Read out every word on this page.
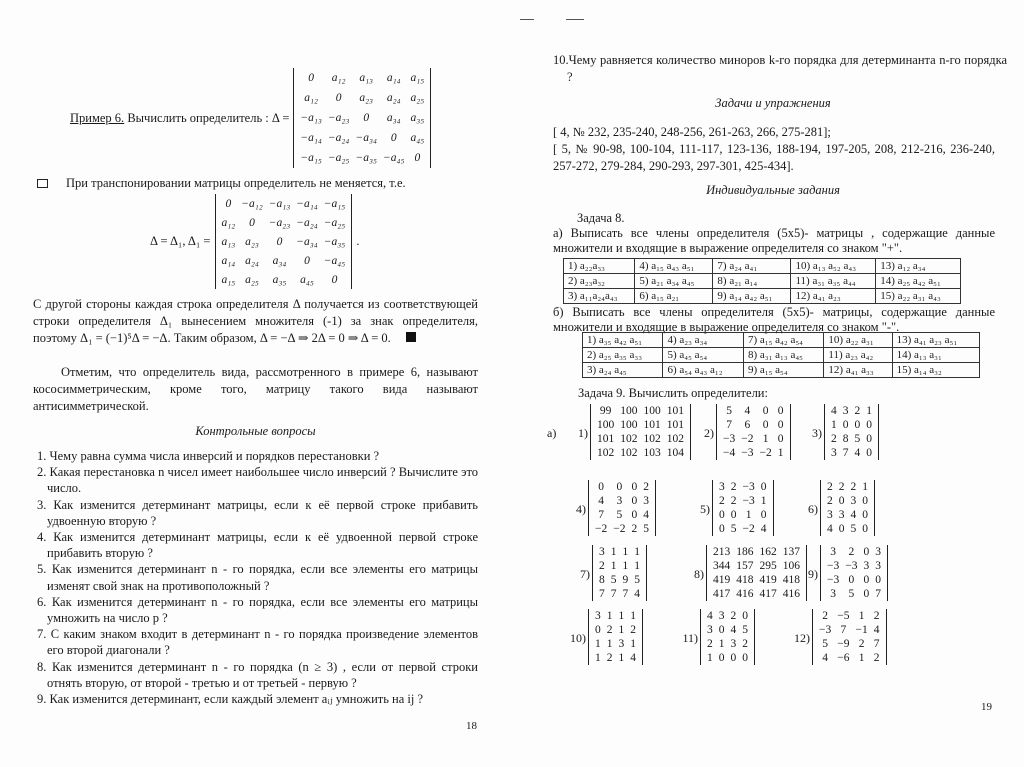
Пример 6. Вычислить определитель : Δ =
0	a₁₂	a₁₃	a₁₄	a₁₅
a₁₂	0	a₂₃	a₂₄	a₂₅
−a₁₃	−a₂₃	0	a₃₄	a₃₅
−a₁₄	−a₂₄	−a₃₄	0	a₄₅
−a₁₅	−a₂₅	−a₃₅	−a₄₅	0
При транспонировании матрицы определитель не меняется, т.е.
Δ = Δ₁, Δ₁ =
0	−a₁₂	−a₁₃	−a₁₄	−a₁₅
a₁₂	0	−a₂₃	−a₂₄	−a₂₅
a₁₃	a₂₃	0	−a₃₄	−a₃₅
a₁₄	a₂₄	a₃₄	0	−a₄₅
a₁₅	a₂₅	a₃₅	a₄₅	0
.
С другой стороны каждая строка определителя Δ получается из соответствующей строки определителя Δ₁ вынесением множителя (-1) за знак определителя, поэтому Δ₁ = (−1)⁵Δ = −Δ. Таким образом, Δ = −Δ ⇒ 2Δ = 0 ⇒ Δ = 0.
Отметим, что определитель вида, рассмотренного в примере 6, называют кососимметрическим, кроме того, матрицу такого вида называют антисимметрической.
Контрольные вопросы
1. Чему равна сумма числа инверсий и порядков перестановки ?
2. Какая перестановка n чисел имеет наибольшее число инверсий ? Вычислите это число.
3. Как изменится детерминант матрицы, если к её первой строке прибавить удвоенную вторую ?
4. Как изменится детерминант матрицы, если к её удвоенной первой строке прибавить вторую ?
5. Как изменится детерминант n - го порядка, если все элементы его матрицы изменят свой знак на противоположный ?
6. Как изменится детерминант n - го порядка, если все элементы его матрицы умножить на число p ?
7. С каким знаком входит в детерминант n - го порядка произведение элементов его второй диагонали ?
8. Как изменится детерминант n - го порядка (n ≥ 3) , если от первой строки отнять вторую, от второй - третью и от третьей - первую ?
9. Как изменится детерминант, если каждый элемент aᵢⱼ умножить на ij ?
18
10.Чему равняется количество миноров k-го порядка для детерминанта n-го порядка ?
Задачи и упражнения
[ 4, № 232, 235-240, 248-256, 261-263, 266, 275-281];
[ 5, № 90-98, 100-104, 111-117, 123-136, 188-194, 197-205, 208, 212-216, 236-240, 257-272, 279-284, 290-293, 297-301, 425-434].
Индивидуальные задания
Задача 8.
а) Выписать все члены определителя (5х5)- матрицы , содержащие данные множители и входящие в выражение определителя со знаком "+".
1) a₂₂a₃₃	4) a₁₅ a₄₃ a₅₁	7) a₂₄ a₄₁	10) a₁₃ a₅₂ a₄₃	13) a₁₂ a₃₄
2) a₂₃a₃₂	5) a₂₁ a₃₄ a₄₅	8) a₂₁ a₁₄	11) a₃₁ a₃₅ a₄₄	14) a₂₅ a₄₂ a₅₁
3) a₁₁a₂₄a₄₃	6) a₁₅ a₂₁	9) a₁₄ a₄₂ a₅₁	12) a₄₁ a₂₃	15) a₂₂ a₃₁ a₄₃
б) Выписать все члены определителя (5х5)- матрицы, содержащие данные множители и входящие в выражение определителя со знаком "-".
1) a₃₅ a₄₂ a₅₁	4) a₂₃ a₃₄	7) a₁₅ a₄₂ a₅₄	10) a₂₂ a₃₁	13) a₄₁ a₂₃ a₅₁
2) a₂₅ a₃₅ a₃₃	5) a₄₅ a₅₄	8) a₃₁ a₁₃ a₄₅	11) a₂₃ a₄₂	14) a₁₃ a₃₁
3) a₂₄ a₄₅	6) a₅₄ a₄₃ a₁₂	9) a₁₅ a₅₄	12) a₄₁ a₃₃	15) a₁₄ a₃₂
Задача 9. Вычислить определители:
а) 1)
99	100	100	101
100	100	101	101
101	102	102	102
102	102	103	104
2)
5	4	0	0
7	6	0	0
−3	−2	1	0
−4	−3	−2	1
3)
4	3	2	1
1	0	0	0
2	8	5	0
3	7	4	0
4)
0	0	0	2
4	3	0	3
7	5	0	4
−2	−2	2	5
5)
3	2	−3	0
2	2	−3	1
0	0	1	0
0	5	−2	4
6)
2	2	2	1
2	0	3	0
3	3	4	0
4	0	5	0
7)
3	1	1	1
2	1	1	1
8	5	9	5
7	7	7	4
8)
213	186	162	137
344	157	295	106
419	418	419	418
417	416	417	416
9)
3	2	0	3
−3	−3	3	3
−3	0	0	0
3	5	0	7
10)
3	1	1	1
0	2	1	2
1	1	3	1
1	2	1	4
11)
4	3	2	0
3	0	4	5
2	1	3	2
1	0	0	0
12)
2	−5	1	2
−3	7	−1	4
5	−9	2	7
4	−6	1	2
19
